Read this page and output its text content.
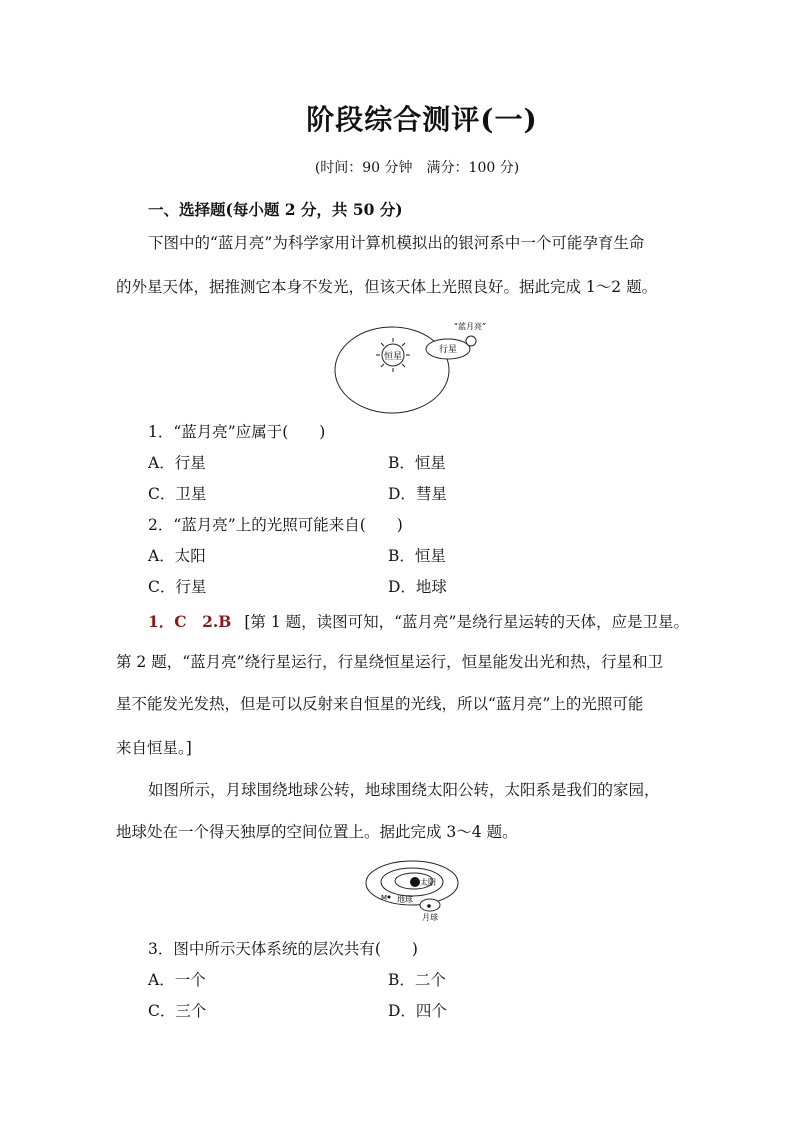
阶段综合测评(一)
(时间：90 分钟　满分：100 分)
一、选择题(每小题 2 分，共 50 分)
下图中的“蓝月亮”为科学家用计算机模拟出的银河系中一个可能孕育生命
的外星天体，据推测它本身不发光，但该天体上光照良好。据此完成 1～2 题。
恒星
行星
“蓝月亮”
1．“蓝月亮”应属于(　　)
A．行星	B．恒星
C．卫星	D．彗星
2．“蓝月亮”上的光照可能来自(　　)
A．太阳	B．恒星
C．行星	D．地球
1．C　2.B [第 1 题，读图可知，“蓝月亮”是绕行星运转的天体，应是卫星。
第 2 题，“蓝月亮”绕行星运行，行星绕恒星运行，恒星能发出光和热，行星和卫
星不能发光发热，但是可以反射来自恒星的光线，所以“蓝月亮”上的光照可能
来自恒星。]
如图所示，月球围绕地球公转，地球围绕太阳公转，太阳系是我们的家园，
地球处在一个得天独厚的空间位置上。据此完成 3～4 题。
太阳
M 地球
月球
3．图中所示天体系统的层次共有(　　)
A．一个	B．二个
C．三个	D．四个
